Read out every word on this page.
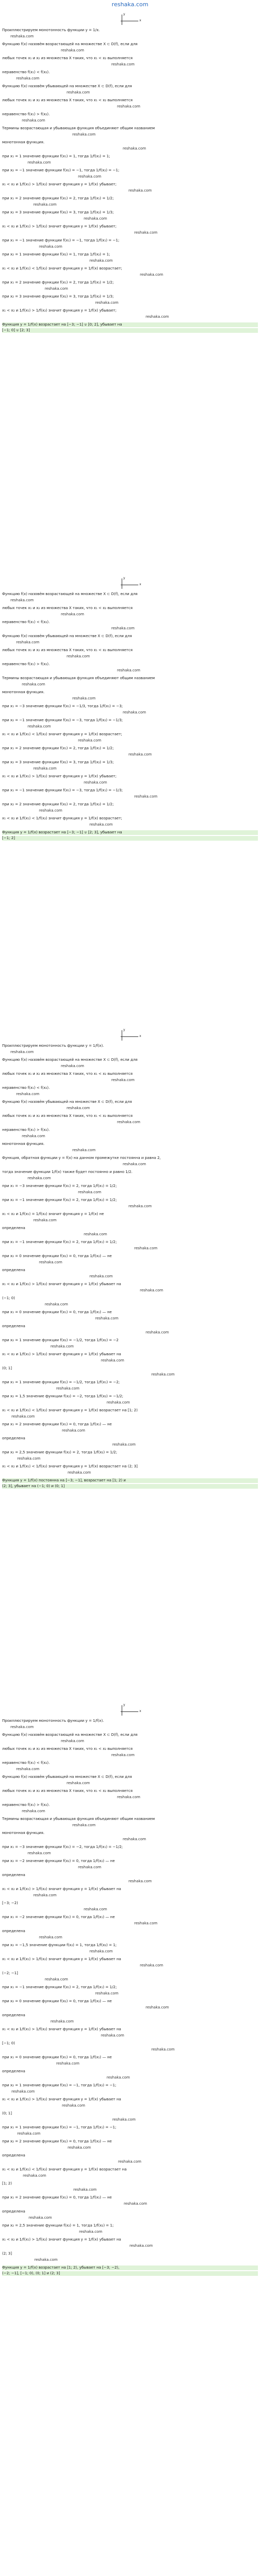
reshaka.com
y
x
Проиллюстрируем монотонность функции y = 1/x.
reshaka.com
Функцию f(x) назовём возрастающей на множестве X ⊂ D(f), если для
reshaka.com
любых точек x₁ и x₂ из множества X таких, что x₁ < x₂ выполняется
reshaka.com
неравенство f(x₁) < f(x₂).
reshaka.com
Функцию f(x) назовём убывающей на множестве X ⊂ D(f), если для
reshaka.com
любых точек x₁ и x₂ из множества X таких, что x₁ < x₂ выполняется
reshaka.com
неравенство f(x₁) > f(x₂).
reshaka.com
Термины возрастающая и убывающая функция объединяют общим названием
reshaka.com
монотонная функция.
reshaka.com
при x₁ = 1 значение функции f(x₁) = 1, тогда 1/f(x₁) = 1;
reshaka.com
при x₂ = −1 значение функции f(x₂) = −1, тогда 1/f(x₂) = −1;
reshaka.com
x₁ < x₂ и 1/f(x₁) > 1/f(x₂) значит функция y = 1/f(x) убывает;
reshaka.com
при x₁ = 2 значение функции f(x₁) = 2, тогда 1/f(x₁) = 1/2;
reshaka.com
при x₂ = 3 значение функции f(x₂) = 3, тогда 1/f(x₂) = 1/3;
reshaka.com
x₁ < x₂ и 1/f(x₁) > 1/f(x₂) значит функция y = 1/f(x) убывает;
reshaka.com
при x₁ = −1 значение функции f(x₁) = −1, тогда 1/f(x₁) = −1;
reshaka.com
при x₂ = 1 значение функции f(x₂) = 1, тогда 1/f(x₂) = 1;
reshaka.com
x₁ < x₂ и 1/f(x₁) < 1/f(x₂) значит функция y = 1/f(x) возрастает;
reshaka.com
при x₁ = 2 значение функции f(x₁) = 2, тогда 1/f(x₁) = 1/2;
reshaka.com
при x₂ = 3 значение функции f(x₂) = 3, тогда 1/f(x₂) = 1/3;
reshaka.com
x₁ < x₂ и 1/f(x₁) > 1/f(x₂) значит функция y = 1/f(x) убывает;
reshaka.com
Функция y = 1/f(x) возрастает на [−3; −1] ∪ [0; 2], убывает на
[−1; 0] ∪ [2; 3]
y
x
Функцию f(x) назовём возрастающей на множестве X ⊂ D(f), если для
reshaka.com
любых точек x₁ и x₂ из множества X таких, что x₁ < x₂ выполняется
reshaka.com
неравенство f(x₁) < f(x₂).
reshaka.com
Функцию f(x) назовём убывающей на множестве X ⊂ D(f), если для
reshaka.com
любых точек x₁ и x₂ из множества X таких, что x₁ < x₂ выполняется
reshaka.com
неравенство f(x₁) > f(x₂).
reshaka.com
Термины возрастающая и убывающая функция объединяют общим названием
reshaka.com
монотонная функция.
reshaka.com
при x₁ = −3 значение функции f(x₁) = −1/3, тогда 1/f(x₁) = −3;
reshaka.com
при x₂ = −1 значение функции f(x₂) = −3, тогда 1/f(x₂) = −1/3;
reshaka.com
x₁ < x₂ и 1/f(x₁) < 1/f(x₂) значит функция y = 1/f(x) возрастает;
reshaka.com
при x₁ = 2 значение функции f(x₁) = 2, тогда 1/f(x₁) = 1/2;
reshaka.com
при x₂ = 3 значение функции f(x₂) = 3, тогда 1/f(x₂) = 1/3;
reshaka.com
x₁ < x₂ и 1/f(x₁) > 1/f(x₂) значит функция y = 1/f(x) убывает;
reshaka.com
при x₁ = −1 значение функции f(x₁) = −3, тогда 1/f(x₁) = −1/3;
reshaka.com
при x₂ = 2 значение функции f(x₂) = 2, тогда 1/f(x₂) = 1/2;
reshaka.com
x₁ < x₂ и 1/f(x₁) < 1/f(x₂) значит функция y = 1/f(x) возрастает;
reshaka.com
Функция y = 1/f(x) возрастает на [−3; −1] ∪ [2; 3], убывает на
[−1; 2]
y
x
Проиллюстрируем монотонность функции y = 1/f(x).
reshaka.com
Функцию f(x) назовём возрастающей на множестве X ⊂ D(f), если для
reshaka.com
любых точек x₁ и x₂ из множества X таких, что x₁ < x₂ выполняется
reshaka.com
неравенство f(x₁) < f(x₂).
reshaka.com
Функцию f(x) назовём убывающей на множестве X ⊂ D(f), если для
reshaka.com
любых точек x₁ и x₂ из множества X таких, что x₁ < x₂ выполняется
reshaka.com
неравенство f(x₁) > f(x₂).
reshaka.com
монотонная функция.
reshaka.com
Функция, обратная функции y = f(x) на данном промежутке постоянна и равна 2,
reshaka.com
тогда значение функции 1/f(x) также будет постоянно и равно 1/2.
reshaka.com
при x₁ = −3 значение функции f(x₁) = 2, тогда 1/f(x₁) = 1/2;
reshaka.com
при x₂ = −1 значение функции f(x₂) = 2, тогда 1/f(x₂) = 1/2;
reshaka.com
x₁ < x₂ и 1/f(x₁) = 1/f(x₂) значит функция y = 1/f(x) не
reshaka.com
определена
reshaka.com
при x₁ = −1 значение функции f(x₁) = 2, тогда 1/f(x₁) = 1/2;
reshaka.com
при x₂ = 0 значение функции f(x₂) = 0, тогда 1/f(x₂) — не
reshaka.com
определена
reshaka.com
x₁ < x₂ и 1/f(x₁) > 1/f(x₂) значит функция y = 1/f(x) убывает на
reshaka.com
(−1; 0)
reshaka.com
при x₁ = 0 значение функции f(x₁) = 0, тогда 1/f(x₁) — не
reshaka.com
определена
reshaka.com
при x₂ = 1 значение функции f(x₂) = −1/2, тогда 1/f(x₂) = −2
reshaka.com
x₁ < x₂ и 1/f(x₁) > 1/f(x₂) значит функция y = 1/f(x) убывает на
reshaka.com
(0; 1]
reshaka.com
при x₁ = 1 значение функции f(x₁) = −1/2, тогда 1/f(x₁) = −2;
reshaka.com
при x₂ = 1,5 значение функции f(x₂) = −2, тогда 1/f(x₂) = −1/2;
reshaka.com
x₁ < x₂ и 1/f(x₁) < 1/f(x₂) значит функция y = 1/f(x) возрастает на [1; 2)
reshaka.com
при x₁ = 2 значение функции f(x₁) = 0, тогда 1/f(x₁) — не
reshaka.com
определена
reshaka.com
при x₂ = 2,5 значение функции f(x₂) = 2, тогда 1/f(x₂) = 1/2;
reshaka.com
x₁ < x₂ и 1/f(x₁) < 1/f(x₂) значит функция y = 1/f(x) возрастает на (2; 3]
reshaka.com
Функция y = 1/f(x) постоянна на [−3; −1], возрастает на [1; 2) и
(2; 3], убывает на (−1; 0) и (0; 1]
y
x
Проиллюстрируем монотонность функции y = 1/f(x).
reshaka.com
Функцию f(x) назовём возрастающей на множестве X ⊂ D(f), если для
reshaka.com
любых точек x₁ и x₂ из множества X таких, что x₁ < x₂ выполняется
reshaka.com
неравенство f(x₁) < f(x₂).
reshaka.com
Функцию f(x) назовём убывающей на множестве X ⊂ D(f), если для
reshaka.com
любых точек x₁ и x₂ из множества X таких, что x₁ < x₂ выполняется
reshaka.com
неравенство f(x₁) > f(x₂).
reshaka.com
Термины возрастающая и убывающая функция объединяют общим названием
reshaka.com
монотонная функция.
reshaka.com
при x₁ = −3 значение функции f(x₁) = −2, тогда 1/f(x₁) = −1/2;
reshaka.com
при x₂ = −2 значение функции f(x₂) = 0, тогда 1/f(x₂) — не
reshaka.com
определена
reshaka.com
x₁ < x₂ и 1/f(x₁) > 1/f(x₂) значит функция y = 1/f(x) убывает на
reshaka.com
[−3; −2)
reshaka.com
при x₁ = −2 значение функции f(x₁) = 0, тогда 1/f(x₁) — не
reshaka.com
определена
reshaka.com
при x₂ = −1,5 значение функции f(x₂) = 1, тогда 1/f(x₂) = 1;
reshaka.com
x₁ < x₂ и 1/f(x₁) > 1/f(x₂) значит функция y = 1/f(x) убывает на
reshaka.com
(−2; −1]
reshaka.com
при x₁ = −1 значение функции f(x₁) = 2, тогда 1/f(x₁) = 1/2;
reshaka.com
при x₂ = 0 значение функции f(x₂) = 0, тогда 1/f(x₂) — не
reshaka.com
определена
reshaka.com
x₁ < x₂ и 1/f(x₁) > 1/f(x₂) значит функция y = 1/f(x) убывает на
reshaka.com
[−1; 0)
reshaka.com
при x₁ = 0 значение функции f(x₁) = 0, тогда 1/f(x₁) — не
reshaka.com
определена
reshaka.com
при x₂ = 1 значение функции f(x₂) = −1, тогда 1/f(x₂) = −1;
reshaka.com
x₁ < x₂ и 1/f(x₁) > 1/f(x₂) значит функция y = 1/f(x) убывает на
reshaka.com
(0; 1]
reshaka.com
при x₁ = 1 значение функции f(x₁) = −1, тогда 1/f(x₁) = −1;
reshaka.com
при x₂ = 2 значение функции f(x₂) = 0, тогда 1/f(x₂) — не
reshaka.com
определена
reshaka.com
x₁ < x₂ и 1/f(x₁) < 1/f(x₂) значит функция y = 1/f(x) возрастает на
reshaka.com
[1; 2)
reshaka.com
при x₁ = 2 значение функции f(x₁) = 0, тогда 1/f(x₁) — не
reshaka.com
определена
reshaka.com
при x₂ = 2,5 значение функции f(x₂) = 1, тогда 1/f(x₂) = 1;
reshaka.com
x₁ < x₂ и 1/f(x₁) > 1/f(x₂) значит функция y = 1/f(x) убывает на
reshaka.com
(2; 3]
reshaka.com
Функция y = 1/f(x) возрастает на [1; 2), убывает на [−3; −2),
(−2; −1], [−1; 0), (0; 1] и (2; 3]
